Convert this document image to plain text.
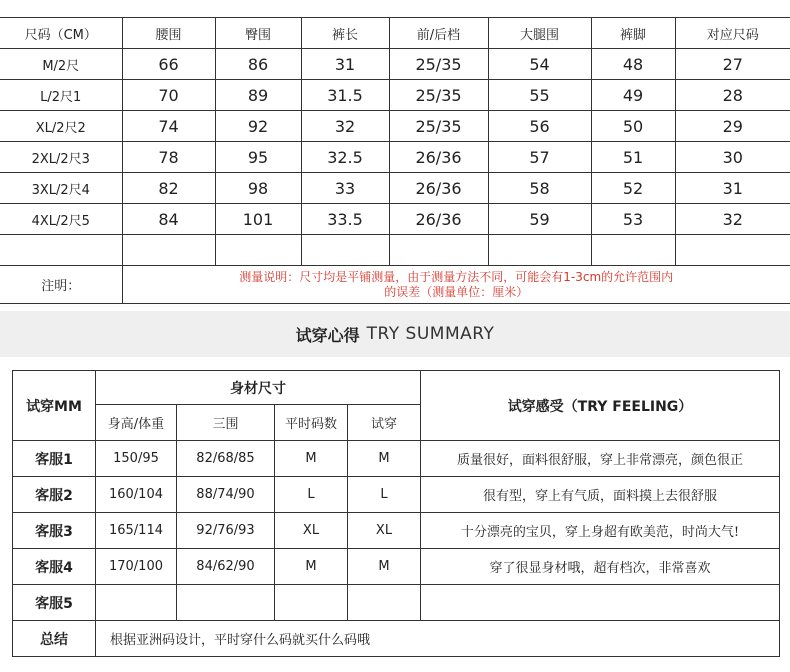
尺码（CM）	腰围	臀围	裤长	前/后档	大腿围	裤脚	对应尺码
M/2尺	66	86	31	25/35	54	48	27
L/2尺1	70	89	31.5	25/35	55	49	28
XL/2尺2	74	92	32	25/35	56	50	29
2XL/2尺3	78	95	32.5	26/36	57	51	30
3XL/2尺4	82	98	33	26/36	58	52	31
4XL/2尺5	84	101	33.5	26/36	59	53	32

注明：	测量说明：尺寸均是平铺测量，由于测量方法不同，可能会有1-3cm的允许范围内
的误差（测量单位：厘米）						
试穿心得 TRY SUMMARY
试穿MM	身材尺寸				试穿感受（TRY FEELING）
	身高/体重	三围	平时码数	试穿	
客服1	150/95	82/68/85	M	M	质量很好，面料很舒服，穿上非常漂亮，颜色很正
客服2	160/104	88/74/90	L	L	很有型，穿上有气质，面料摸上去很舒服
客服3	165/114	92/76/93	XL	XL	十分漂亮的宝贝，穿上身超有欧美范，时尚大气!
客服4	170/100	84/62/90	M	M	穿了很显身材哦，超有档次，非常喜欢
客服5					
总结	根据亚洲码设计，平时穿什么码就买什么码哦				
